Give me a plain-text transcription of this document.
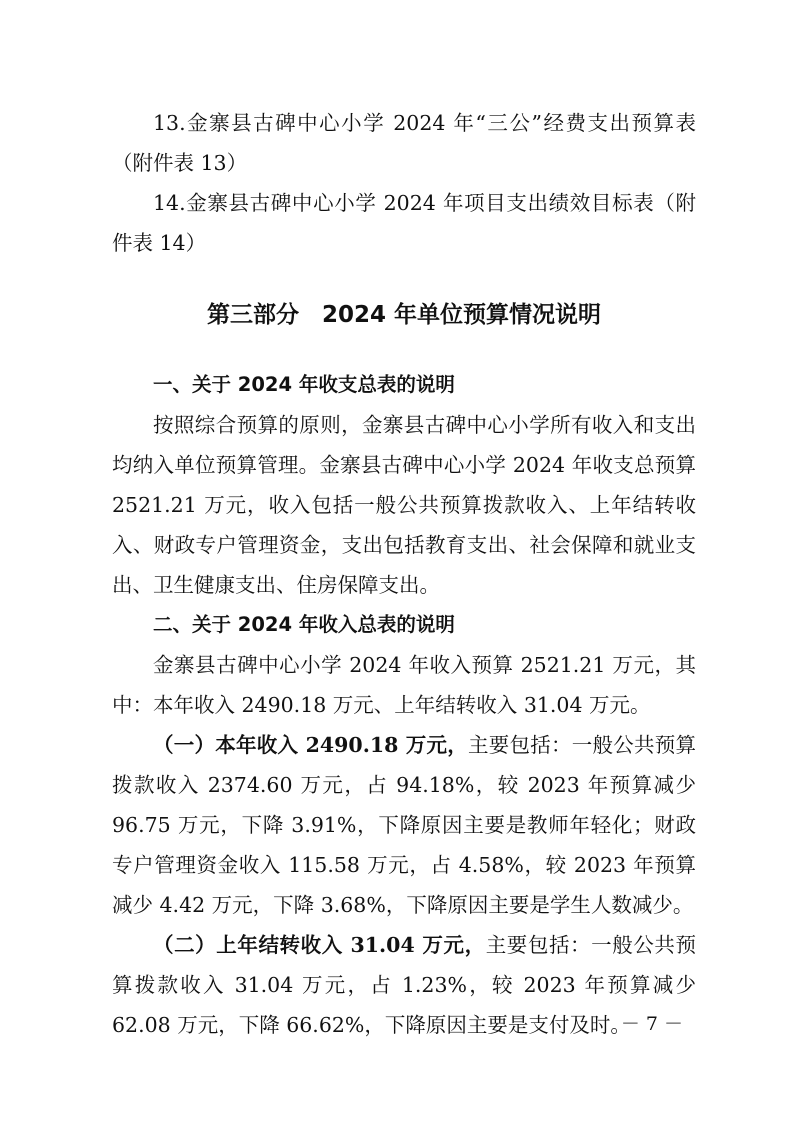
13.金寨县古碑中心小学 2024 年“三公”经费支出预算表（附件表 13）

14.金寨县古碑中心小学 2024 年项目支出绩效目标表（附件表 14）

第三部分　2024 年单位预算情况说明

一、关于 2024 年收支总表的说明

按照综合预算的原则，金寨县古碑中心小学所有收入和支出均纳入单位预算管理。金寨县古碑中心小学 2024 年收支总预算 2521.21 万元，收入包括一般公共预算拨款收入、上年结转收入、财政专户管理资金，支出包括教育支出、社会保障和就业支出、卫生健康支出、住房保障支出。

二、关于 2024 年收入总表的说明

金寨县古碑中心小学 2024 年收入预算 2521.21 万元，其中：本年收入 2490.18 万元、上年结转收入 31.04 万元。

（一）本年收入 2490.18 万元，主要包括：一般公共预算拨款收入 2374.60 万元，占 94.18%，较 2023 年预算减少 96.75 万元，下降 3.91%，下降原因主要是教师年轻化；财政专户管理资金收入 115.58 万元，占 4.58%，较 2023 年预算减少 4.42 万元，下降 3.68%，下降原因主要是学生人数减少。

（二）上年结转收入 31.04 万元，主要包括：一般公共预算拨款收入 31.04 万元，占 1.23%，较 2023 年预算减少 62.08 万元，下降 66.62%，下降原因主要是支付及时。

－ 7 －
